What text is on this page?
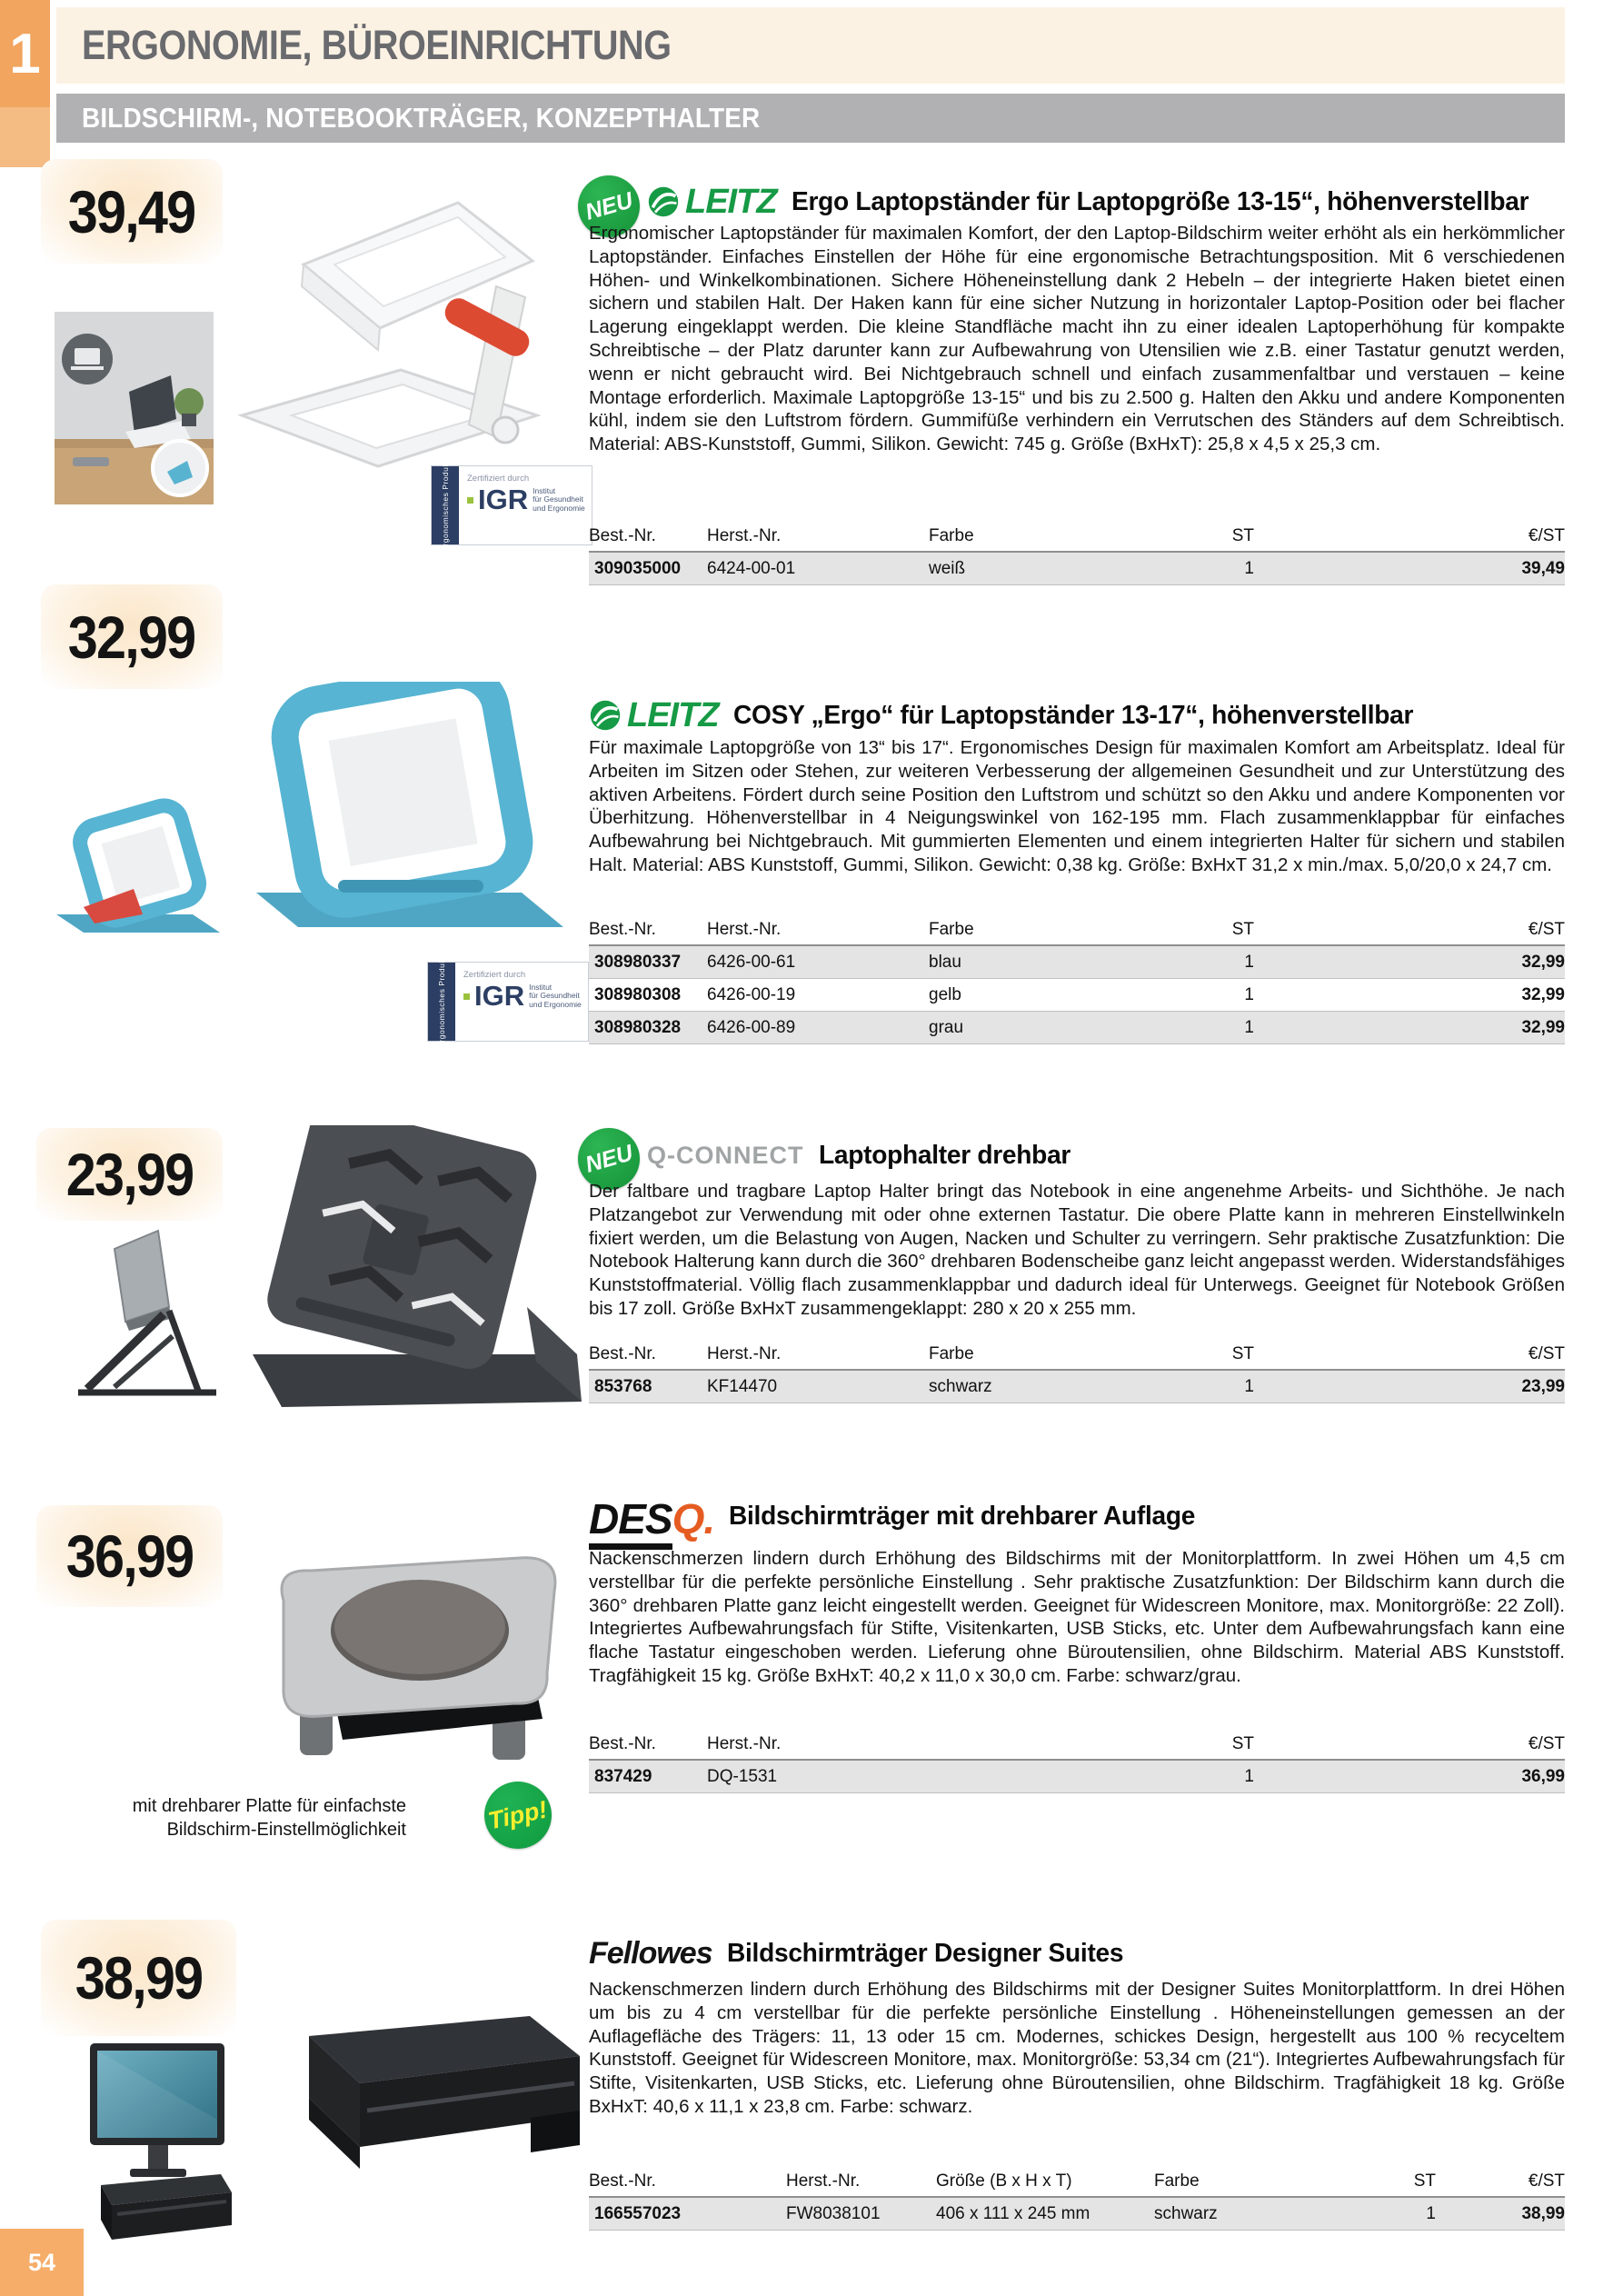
1 ERGONOMIE, BÜROEINRICHTUNG
BILDSCHIRM-, NOTEBOOKTRÄGER, KONZEPTHALTER
39,49
Ergonomisches Produkt Zertifiziert durch
IGR Institut
für Gesundheit
und Ergonomie
NEU LEITZ Ergo Laptopständer für Laptopgröße 13-15“, höhenverstellbar

Ergonomischer Laptopständer für maximalen Komfort, der den Laptop-Bildschirm weiter erhöht als ein herkömmlicher Laptopständer. Einfaches Einstellen der Höhe für eine ergonomische Betrachtungsposition. Mit 6 verschiedenen Höhen- und Winkelkombinationen. Sichere Höheneinstellung dank 2 Hebeln – der integrierte Haken bietet einen sichern und stabilen Halt. Der Haken kann für eine sicher Nutzung in horizontaler Laptop-Position oder bei flacher Lagerung eingeklappt werden. Die kleine Standfläche macht ihn zu einer idealen Laptoperhöhung für kompakte Schreibtische – der Platz darunter kann zur Aufbewahrung von Utensilien wie z.B. einer Tastatur genutzt werden, wenn er nicht gebraucht wird. Bei Nichtgebrauch schnell und einfach zusammenfaltbar und verstauen – keine Montage erforderlich. Maximale Laptopgröße 13-15“ und bis zu 2.500 g. Halten den Akku und andere Komponenten kühl, indem sie den Luftstrom fördern. Gummifüße verhindern ein Verrutschen des Ständers auf dem Schreibtisch. Material: ABS-Kunststoff, Gummi, Silikon. Gewicht: 745 g. Größe (BxHxT): 25,8 x 4,5 x 25,3 cm.

Best.-Nr.	Herst.-Nr.	Farbe	ST	€/ST
309035000	6424-00-01	weiß	1	39,49
32,99
Ergonomisches Produkt Zertifiziert durch
IGR Institut
für Gesundheit
und Ergonomie
LEITZ COSY „Ergo“ für Laptopständer 13-17“, höhenverstellbar

Für maximale Laptopgröße von 13“ bis 17“. Ergonomisches Design für maximalen Komfort am Arbeitsplatz. Ideal für Arbeiten im Sitzen oder Stehen, zur weiteren Verbesserung der allgemeinen Gesundheit und zur Unterstützung des aktiven Arbeitens. Fördert durch seine Position den Luftstrom und schützt so den Akku und andere Komponenten vor Überhitzung. Höhenverstellbar in 4 Neigungswinkel von 162-195 mm. Flach zusammenklappbar für einfaches Aufbewahrung bei Nichtgebrauch. Mit gummierten Elementen und einem integrierten Halter für sichern und stabilen Halt. Material: ABS Kunststoff, Gummi, Silikon. Gewicht: 0,38 kg. Größe: BxHxT 31,2 x min./max. 5,0/20,0 x 24,7 cm.

Best.-Nr.	Herst.-Nr.	Farbe	ST	€/ST
308980337	6426-00-61	blau	1	32,99
308980308	6426-00-19	gelb	1	32,99
308980328	6426-00-89	grau	1	32,99
23,99	NEU Q-CONNECT Laptophalter drehbar

Der faltbare und tragbare Laptop Halter bringt das Notebook in eine angenehme Arbeits- und Sichthöhe. Je nach Platzangebot zur Verwendung mit oder ohne externen Tastatur. Die obere Platte kann in mehreren Einstellwinkeln fixiert werden, um die Belastung von Augen, Nacken und Schulter zu verringern. Sehr praktische Zusatzfunktion: Die Notebook Halterung kann durch die 360° drehbaren Bodenscheibe ganz leicht angepasst werden. Widerstandsfähiges Kunststoffmaterial. Völlig flach zusammenklappbar und dadurch ideal für Unterwegs. Geeignet für Notebook Größen bis 17 zoll. Größe BxHxT zusammengeklappt: 280 x 20 x 255 mm.

Best.-Nr.	Herst.-Nr.	Farbe	ST	€/ST
853768	KF14470	schwarz	1	23,99
36,99
DESQ. Bildschirmträger mit drehbarer Auflage

Nackenschmerzen lindern durch Erhöhung des Bildschirms mit der Monitorplattform. In zwei Höhen um 4,5 cm verstellbar für die perfekte persönliche Einstellung . Sehr praktische Zusatzfunktion: Der Bildschirm kann durch die 360° drehbaren Platte ganz leicht eingestellt werden. Geeignet für Widescreen Monitore, max. Monitorgröße: 22 Zoll). Integriertes Aufbewahrungsfach für Stifte, Visitenkarten, USB Sticks, etc. Unter dem Aufbewahrungsfach kann eine flache Tastatur eingeschoben werden. Lieferung ohne Büroutensilien, ohne Bildschirm. Material ABS Kunststoff. Tragfähigkeit 15 kg. Größe BxHxT: 40,2 x 11,0 x 30,0 cm. Farbe: schwarz/grau.

Best.-Nr.	Herst.-Nr.	ST	€/ST
837429	DQ-1531	1	36,99
mit drehbarer Platte für einfachste Bildschirm-Einstellmöglichkeit	Tipp!
38,99	Fellowes Bildschirmträger Designer Suites

Nackenschmerzen lindern durch Erhöhung des Bildschirms mit der Designer Suites Monitorplattform. In drei Höhen um bis zu 4 cm verstellbar für die perfekte persönliche Einstellung . Höheneinstellungen gemessen an der Auflagefläche des Trägers: 11, 13 oder 15 cm. Modernes, schickes Design, hergestellt aus 100 % recyceltem Kunststoff. Geeignet für Widescreen Monitore, max. Monitorgröße: 53,34 cm (21“). Integriertes Aufbewahrungsfach für Stifte, Visitenkarten, USB Sticks, etc. Lieferung ohne Büroutensilien, ohne Bildschirm. Tragfähigkeit 18 kg. Größe BxHxT: 40,6 x 11,1 x 23,8 cm. Farbe: schwarz.

Best.-Nr.	Herst.-Nr.	Größe (B x H x T)	Farbe	ST	€/ST
166557023	FW8038101	406 x 111 x 245 mm	schwarz	1	38,99
54
